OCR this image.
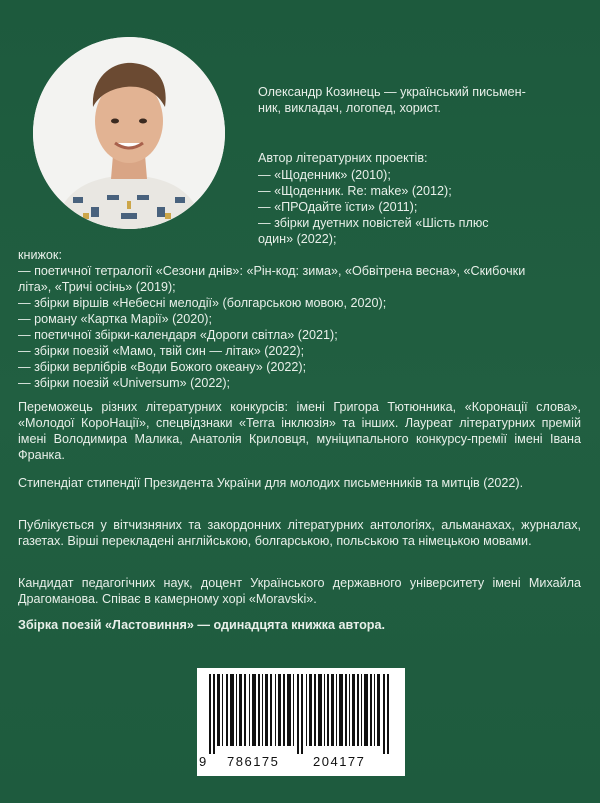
Олександр Козинець — український письмен-
ник, викладач, логопед, хорист.

Автор літературних проектів:

— «Щоденник» (2010);

— «Щоденник. Re: make» (2012);

— «ПРОдайте їсти» (2011);

— збірки дуетних повістей «Шість плюс

один» (2022);

книжок:

— поетичної тетралогії «Сезони днів»: «Рін-код: зима», «Обвітрена весна», «Скибочки

літа», «Тричі осінь» (2019);

— збірки віршів «Небесні мелодії» (болгарською мовою, 2020);

— роману «Картка Марії» (2020);

— поетичної збірки-календаря «Дороги світла» (2021);

— збірки поезій «Мамо, твій син — літак» (2022);

— збірки верлібрів «Води Божого океану» (2022);

— збірки поезій «Universum» (2022);

Переможець різних літературних конкурсів: імені Григора Тютюнника, «Коронації слова», «Молодої КороНації», спецвідзнаки «Terra інклюзія» та інших. Лауреат літературних премій імені Володимира Малика, Анатолія Криловця, муніципального конкурсу-премії імені Івана Франка.

Стипендіат стипендії Президента України для молодих письменників та митців (2022).

Публікується у вітчизняних та закордонних літературних антологіях, альманахах, журналах, газетах. Вірші перекладені англійською, болгарською, польською та німецькою мовами.

Кандидат педагогічних наук, доцент Українського державного університету імені Михайла Драгоманова. Співає в камерному хорі «Moravski».

Збірка поезій «Ластовиння» — одинадцята книжка автора.

9 786175	204177
